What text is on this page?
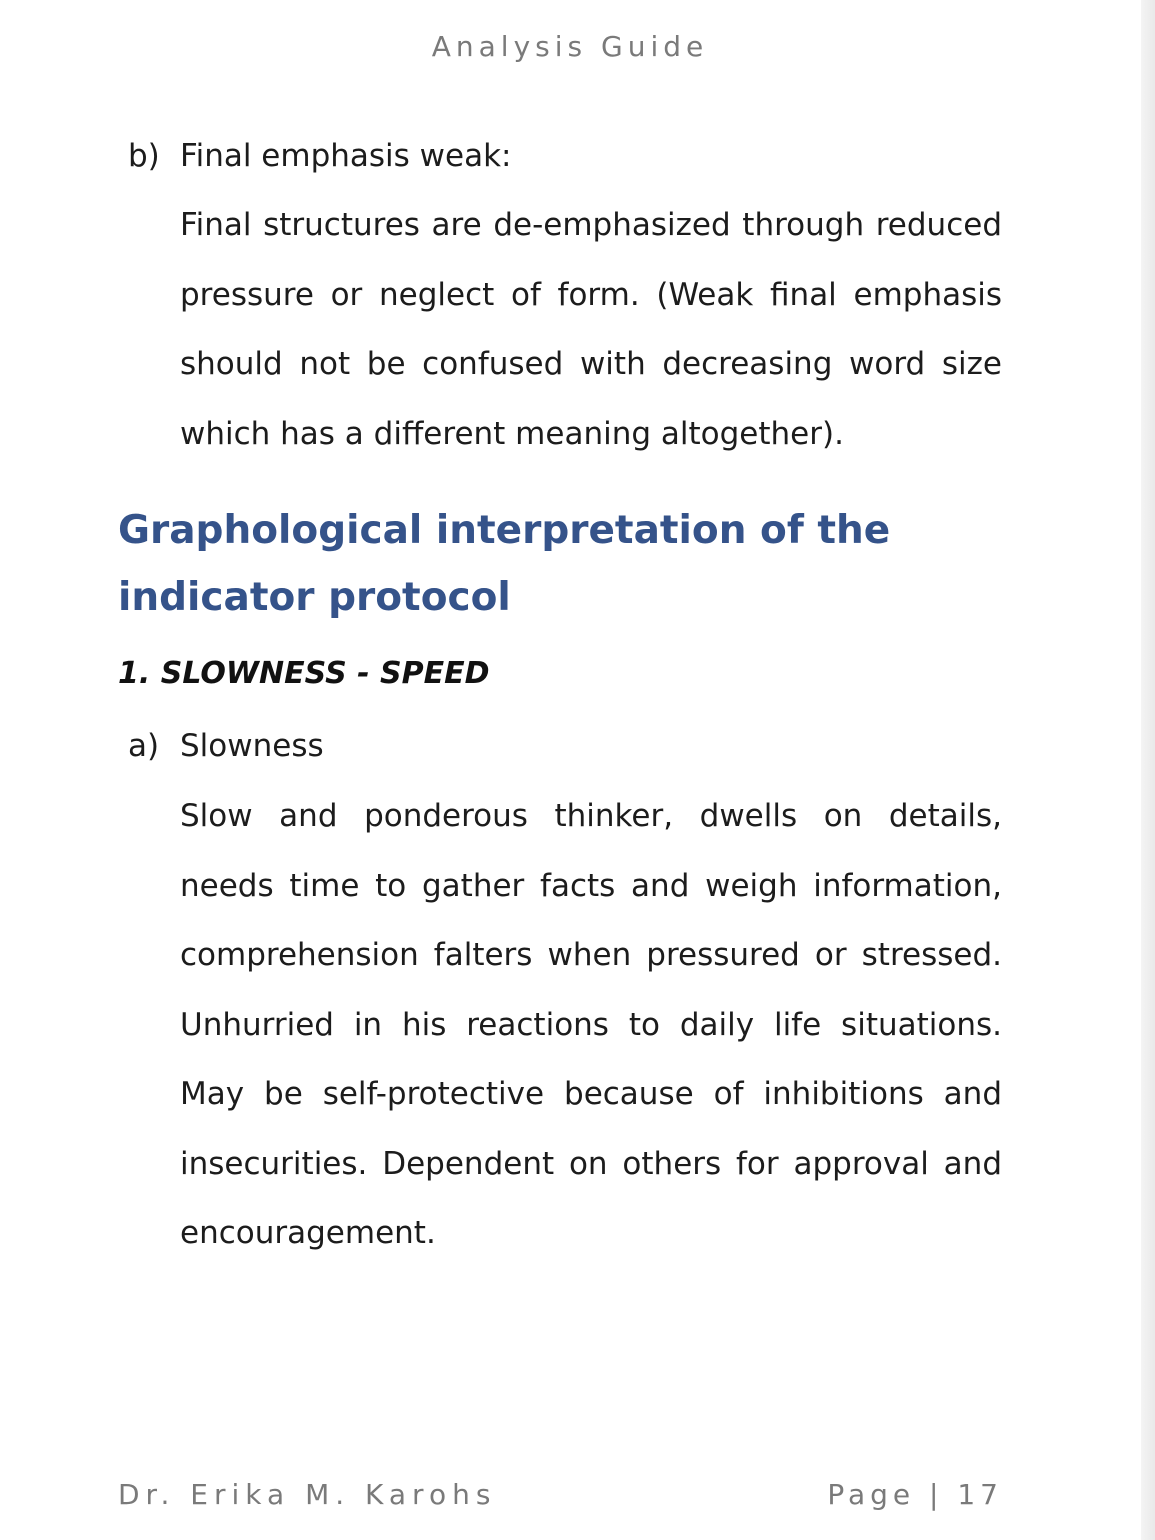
Analysis Guide
b) Final emphasis weak:

Final structures are de-emphasized through reduced pressure or neglect of form. (Weak final emphasis should not be confused with decreasing word size which has a different meaning altogether).

Graphological interpretation of the indicator protocol
1. SLOWNESS - SPEED
a) Slowness

Slow and ponderous thinker, dwells on details, needs time to gather facts and weigh information, comprehension falters when pressured or stressed. Unhurried in his reactions to daily life situations. May be self-protective because of inhibitions and insecurities. Dependent on others for approval and encouragement.

Dr. Erika M. Karohs	Page | 17
